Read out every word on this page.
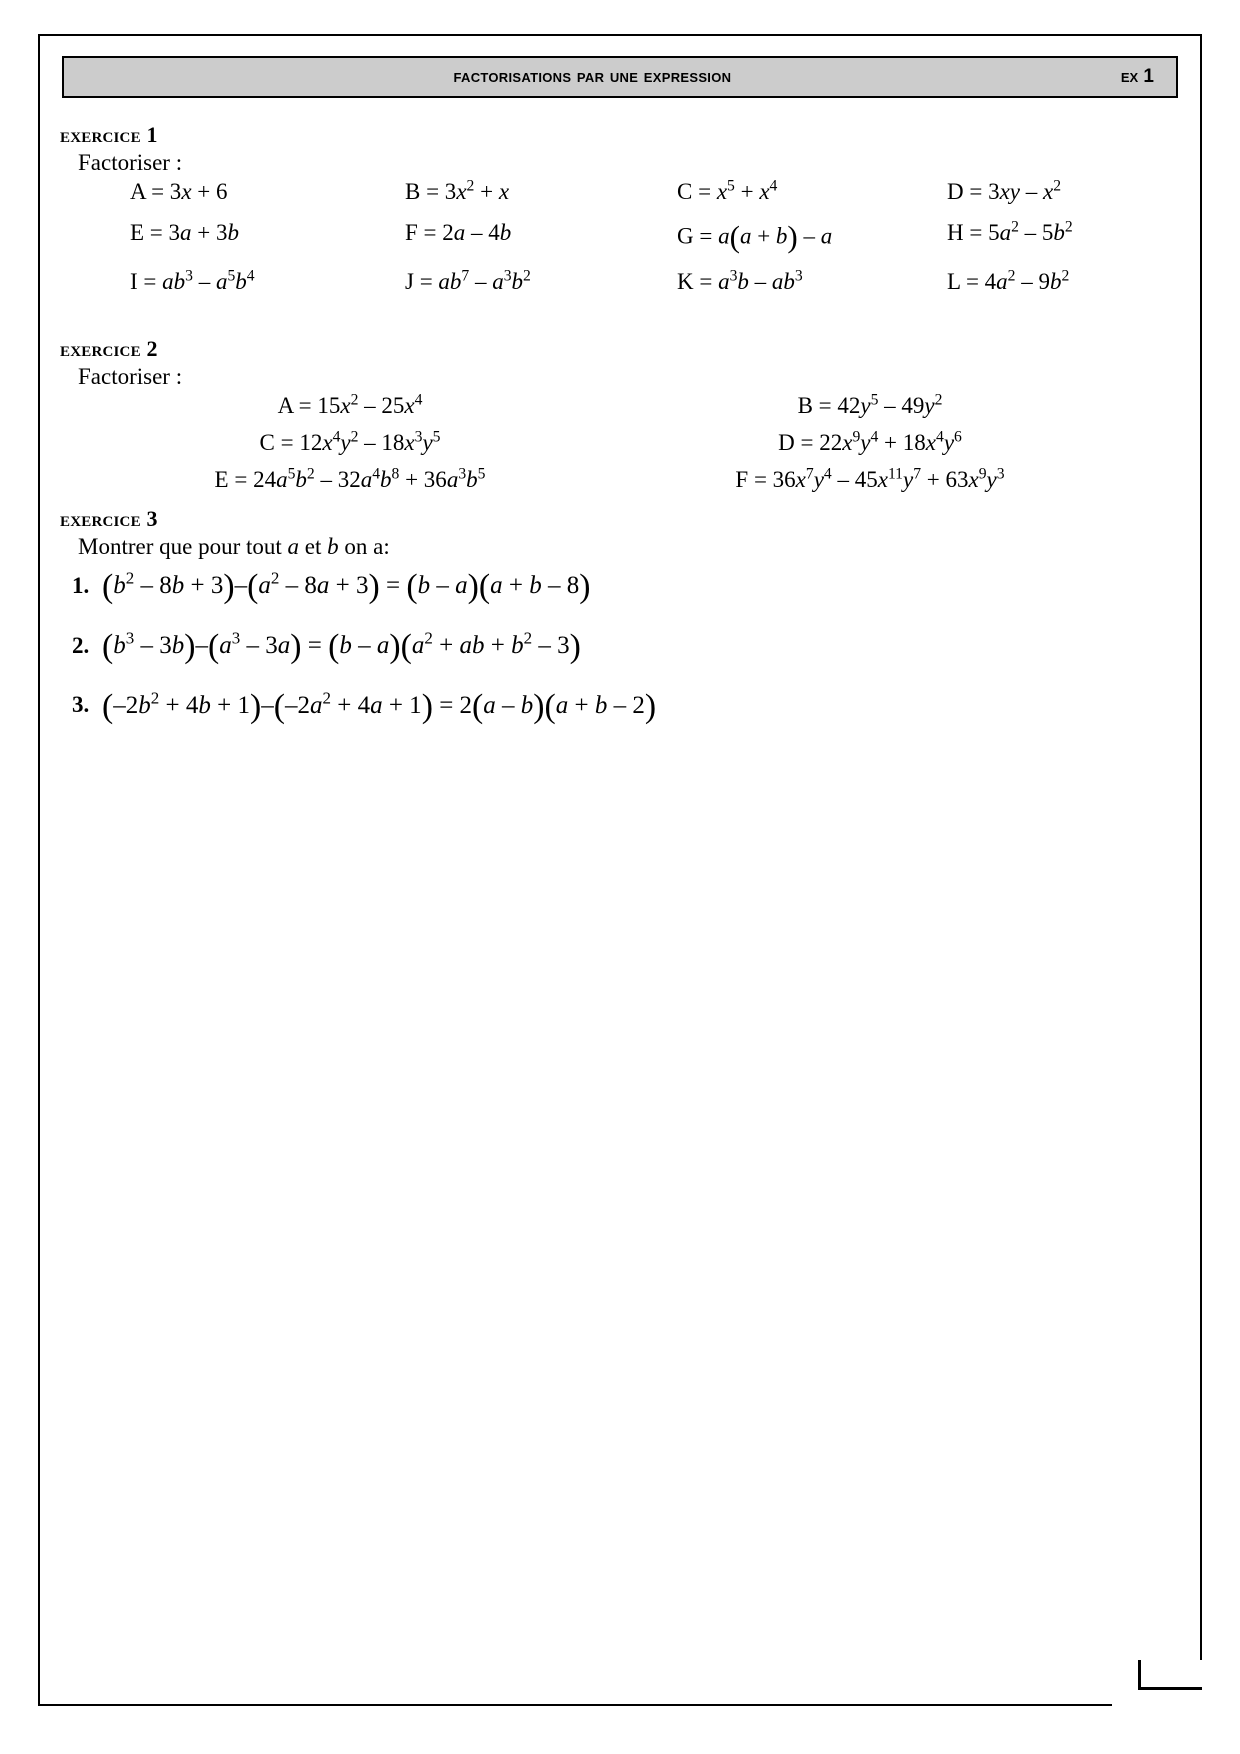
factorisations par une expression	ex 1
exercice 1
Factoriser :
A = 3x + 6	$B = 3x^2 + x$	$C = x^5 + x^4$	$D = 3xy - x^2$
E = 3a + 3b	F = 2a – 4b	G = a(a + b) – a	$H = 5a^2 - 5b^2$
$I = ab^3 - a^5b^4$	$J = ab^7 - a^3b^2$	$K = a^3b - ab^3$	$L = 4a^2 - 9b^2$
exercice 2
Factoriser :
$A = 15x^2 - 25x^4$	$B = 42y^5 - 49y^2$
$C = 12x^4y^2 - 18x^3y^5$	$D = 22x^9y^4 + 18x^4y^6$
$E = 24a^5b^2 - 32a^4b^8 + 36a^3b^5$	$F = 36x^7y^4 - 45x^{11}y^7 + 63x^9y^3$
exercice 3
Montrer que pour tout a et b on a:
1. $(b^2 - 8b + 3)-(a^2 - 8a + 3) = (b - a)(a + b - 8)$
2. $(b^3 - 3b)-(a^3 - 3a) = (b - a)(a^2$ + ab + $b^2 - 3$)
3. $(-2b^2 + 4b + 1)-(-2a^2 + 4a + 1) = 2(a - b)(a + b - 2)$
